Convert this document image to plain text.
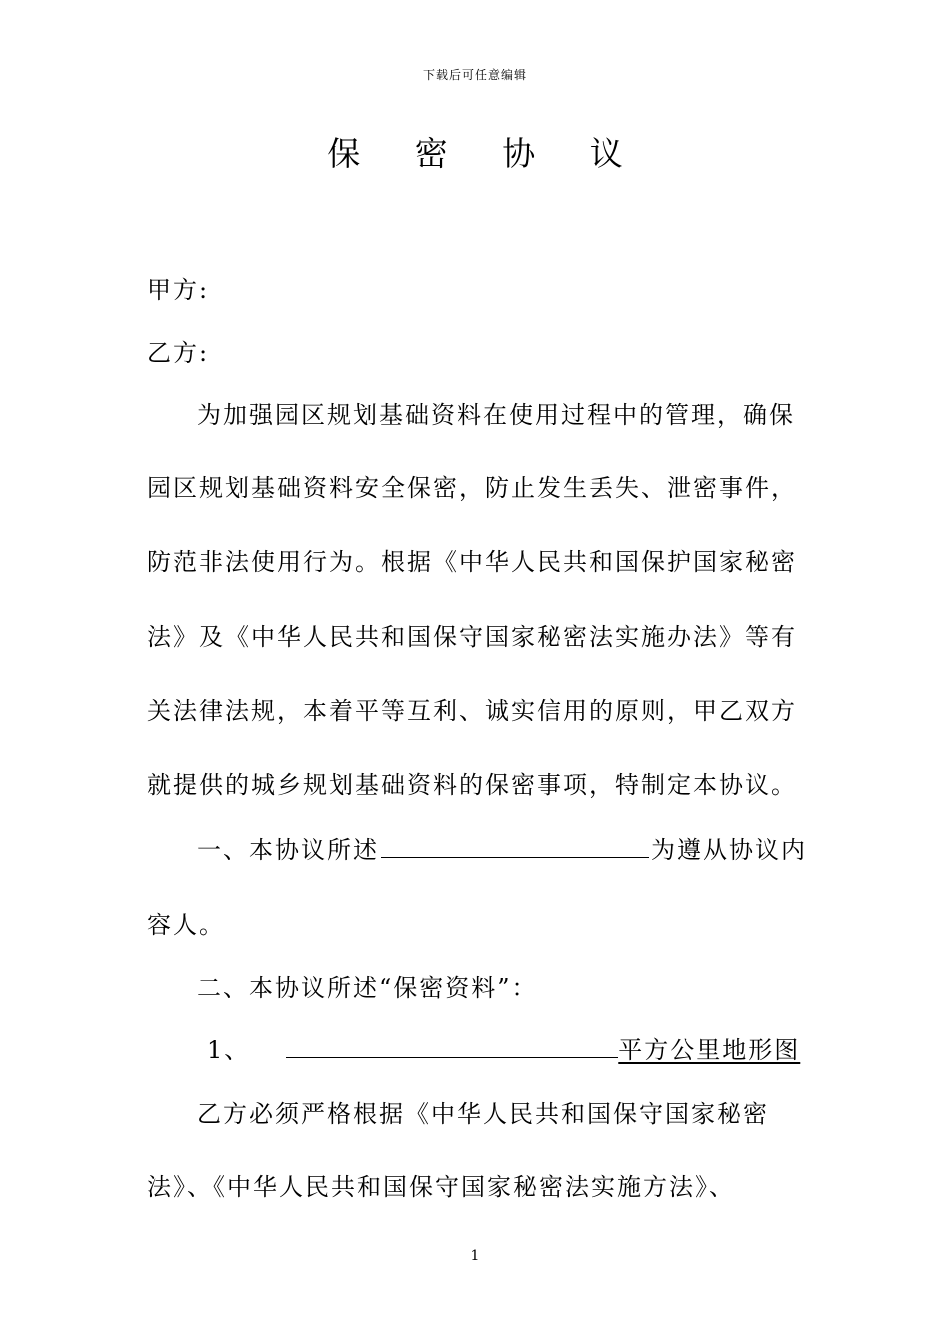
下载后可任意编辑
保 密 协 议
甲方:
乙方:
为加强园区规划基础资料在使用过程中的管理，确保
园区规划基础资料安全保密，防止发生丢失、泄密事件，
防范非法使用行为。根据《中华人民共和国保护国家秘密
法》及《中华人民共和国保守国家秘密法实施办法》等有
关法律法规，本着平等互利、诚实信用的原则，甲乙双方
就提供的城乡规划基础资料的保密事项，特制定本协议。
一、本协议所述	为遵从协议内
容人。
二、本协议所述“保密资料”：
1、	平方公里地形图
乙方必须严格根据《中华人民共和国保守国家秘密
法》、《中华人民共和国保守国家秘密法实施方法》、
1
